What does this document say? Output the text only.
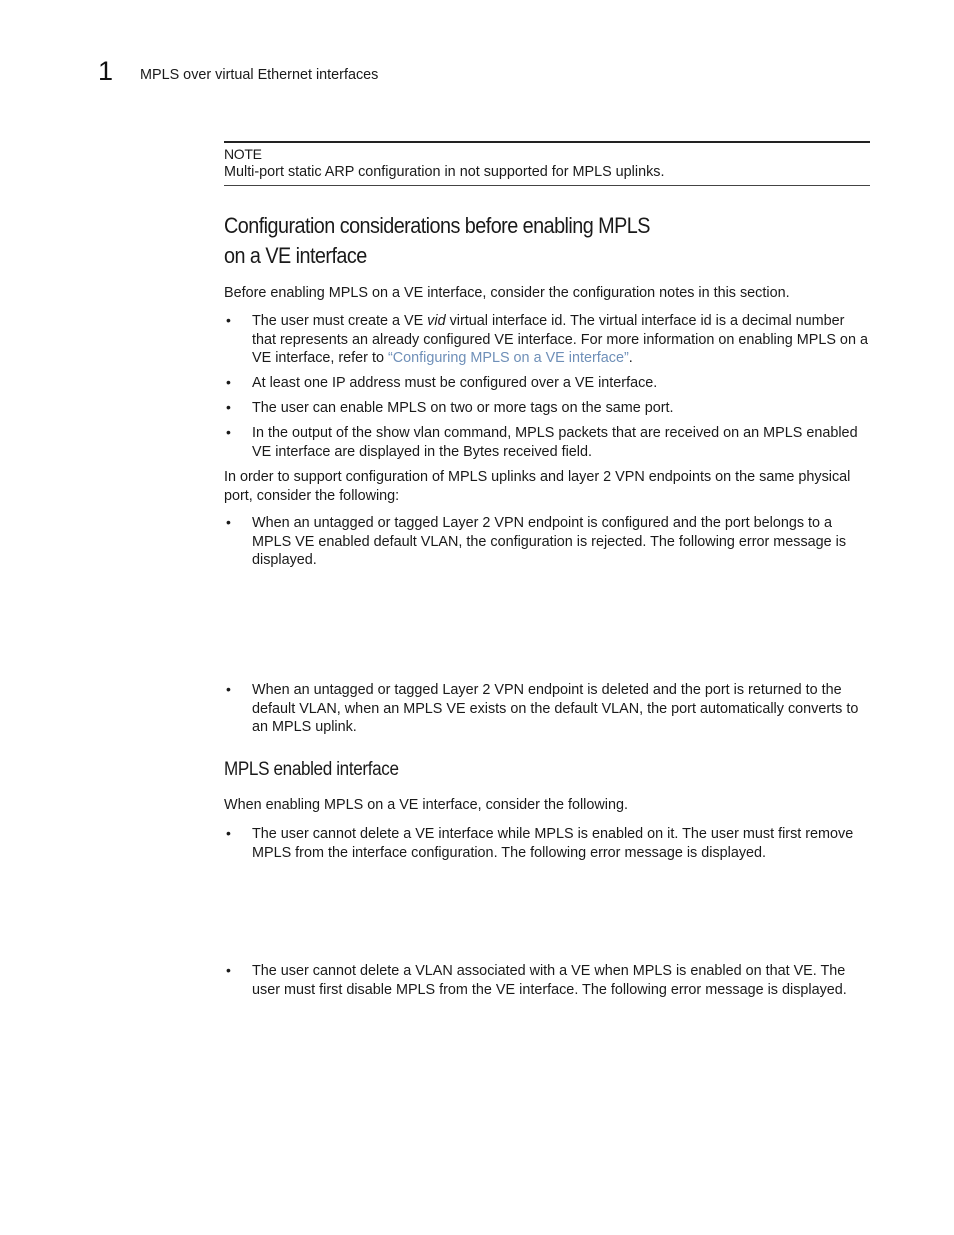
1 MPLS over virtual Ethernet interfaces
NOTE
Multi-port static ARP configuration in not supported for MPLS uplinks.
Configuration considerations before enabling MPLS
on a VE interface

Before enabling MPLS on a VE interface, consider the configuration notes in this section.

• The user must create a VE vid virtual interface id. The virtual interface id is a decimal number that represents an already configured VE interface. For more information on enabling MPLS on a VE interface, refer to “Configuring MPLS on a VE interface”.

• At least one IP address must be configured over a VE interface.

• The user can enable MPLS on two or more tags on the same port.

• In the output of the show vlan command, MPLS packets that are received on an MPLS enabled VE interface are displayed in the Bytes received field.

In order to support configuration of MPLS uplinks and layer 2 VPN endpoints on the same physical port, consider the following:

• When an untagged or tagged Layer 2 VPN endpoint is configured and the port belongs to a MPLS VE enabled default VLAN, the configuration is rejected. The following error message is displayed.

• When an untagged or tagged Layer 2 VPN endpoint is deleted and the port is returned to the default VLAN, when an MPLS VE exists on the default VLAN, the port automatically converts to an MPLS uplink.

MPLS enabled interface

When enabling MPLS on a VE interface, consider the following.

• The user cannot delete a VE interface while MPLS is enabled on it. The user must first remove MPLS from the interface configuration. The following error message is displayed.

• The user cannot delete a VLAN associated with a VE when MPLS is enabled on that VE. The user must first disable MPLS from the VE interface. The following error message is displayed.
